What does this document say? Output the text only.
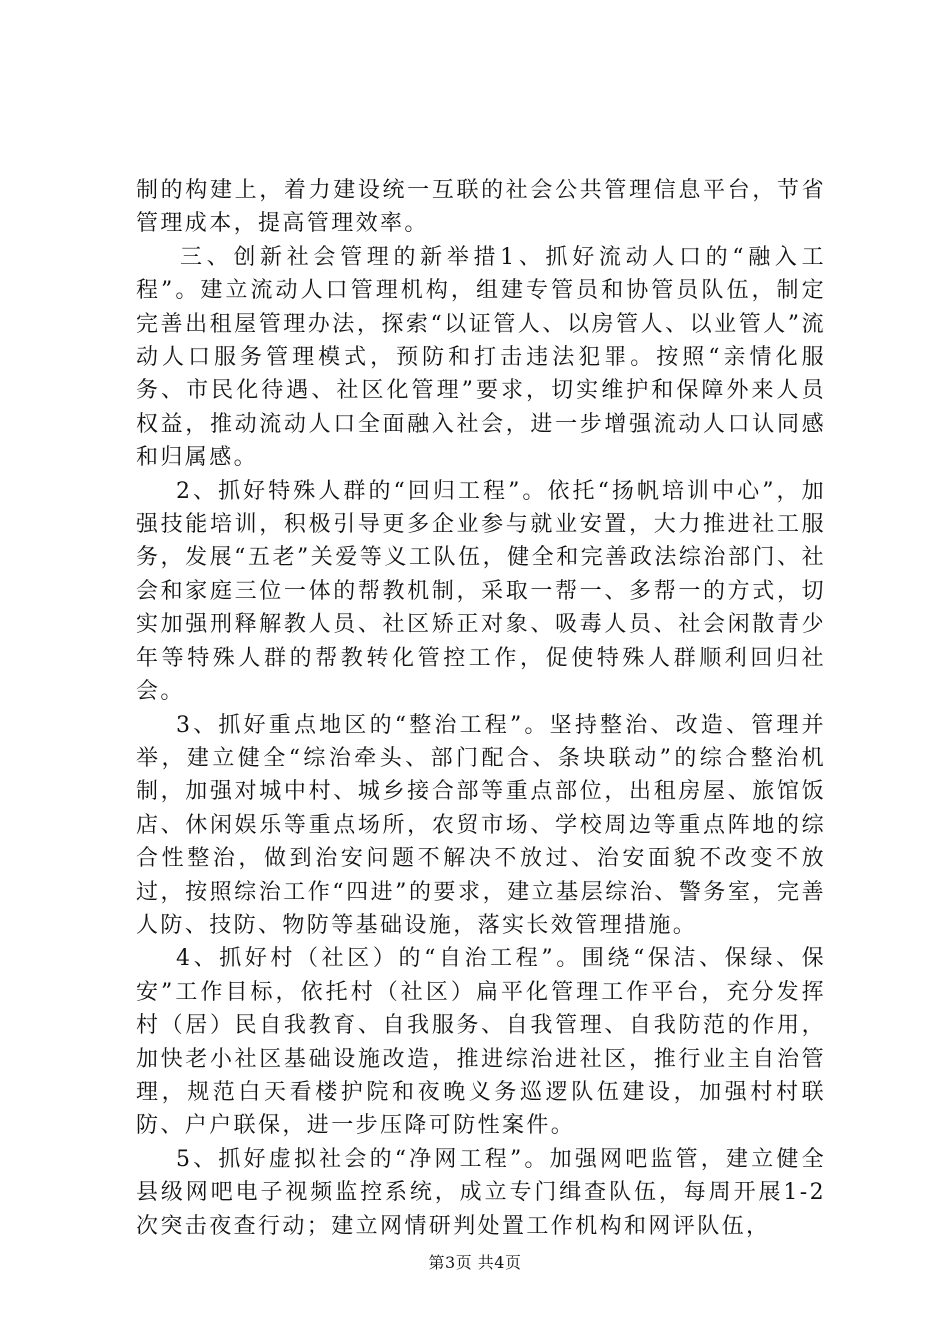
制的构建上，着力建设统一互联的社会公共管理信息平台，节省管理成本，提高管理效率。

三、创新社会管理的新举措1、抓好流动人口的“融入工程”。建立流动人口管理机构，组建专管员和协管员队伍，制定完善出租屋管理办法，探索“以证管人、以房管人、以业管人”流动人口服务管理模式，预防和打击违法犯罪。按照“亲情化服务、市民化待遇、社区化管理”要求，切实维护和保障外来人员权益，推动流动人口全面融入社会，进一步增强流动人口认同感和归属感。

2、抓好特殊人群的“回归工程”。依托“扬帆培训中心”，加强技能培训，积极引导更多企业参与就业安置，大力推进社工服务，发展“五老”关爱等义工队伍，健全和完善政法综治部门、社会和家庭三位一体的帮教机制，采取一帮一、多帮一的方式，切实加强刑释解教人员、社区矫正对象、吸毒人员、社会闲散青少年等特殊人群的帮教转化管控工作，促使特殊人群顺利回归社会。

3、抓好重点地区的“整治工程”。坚持整治、改造、管理并举，建立健全“综治牵头、部门配合、条块联动”的综合整治机制，加强对城中村、城乡接合部等重点部位，出租房屋、旅馆饭店、休闲娱乐等重点场所，农贸市场、学校周边等重点阵地的综合性整治，做到治安问题不解决不放过、治安面貌不改变不放过，按照综治工作“四进”的要求，建立基层综治、警务室，完善人防、技防、物防等基础设施，落实长效管理措施。

4、抓好村（社区）的“自治工程”。围绕“保洁、保绿、保安”工作目标，依托村（社区）扁平化管理工作平台，充分发挥村（居）民自我教育、自我服务、自我管理、自我防范的作用，加快老小社区基础设施改造，推进综治进社区，推行业主自治管理，规范白天看楼护院和夜晚义务巡逻队伍建设，加强村村联防、户户联保，进一步压降可防性案件。

5、抓好虚拟社会的“净网工程”。加强网吧监管，建立健全县级网吧电子视频监控系统，成立专门缉查队伍，每周开展1-2次突击夜查行动；建立网情研判处置工作机构和网评队伍，

第3页 共4页
